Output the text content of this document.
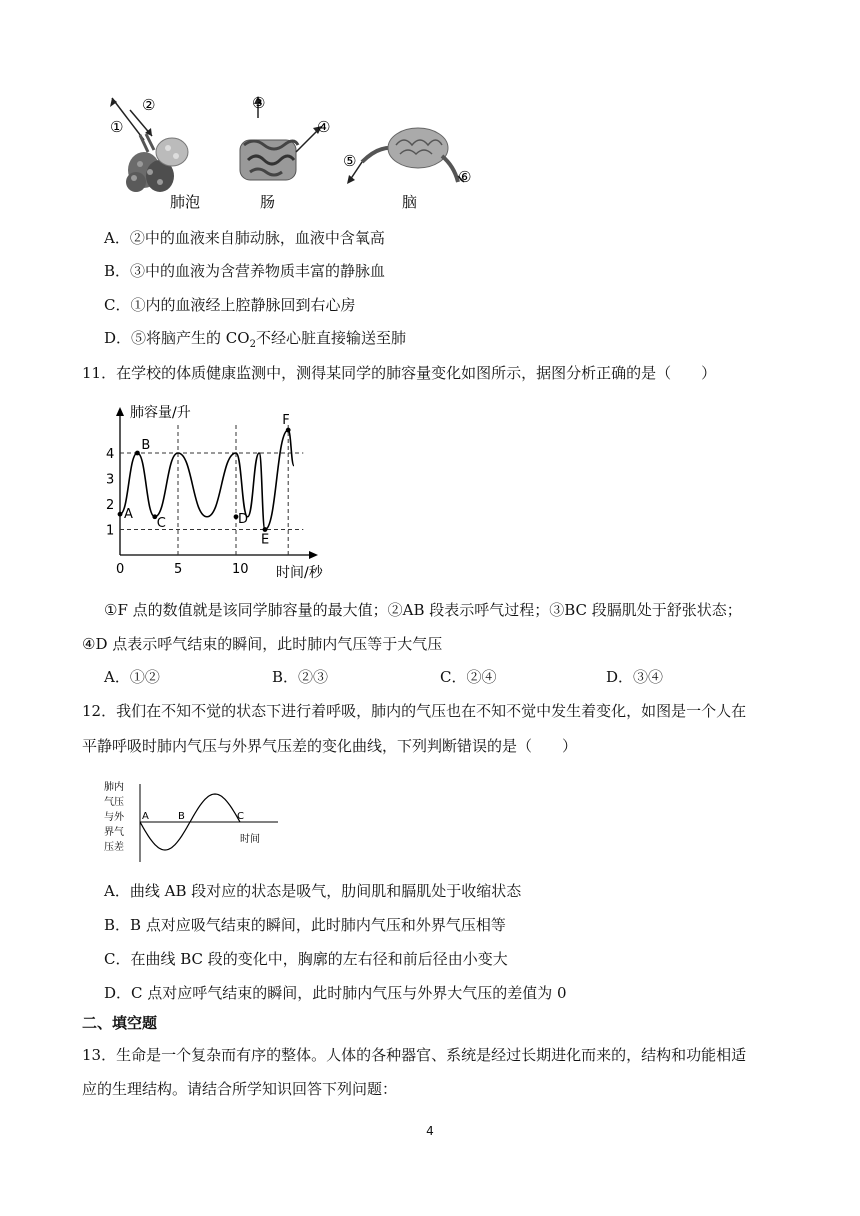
①
②
肺泡
③
④
肠
⑤
⑥
脑
A．②中的血液来自肺动脉，血液中含氧高
B．③中的血液为含营养物质丰富的静脉血
C．①内的血液经上腔静脉回到右心房
D．⑤将脑产生的 $CO_2$不经心脏直接输送至肺
11．在学校的体质健康监测中，测得某同学的肺容量变化如图所示，据图分析正确的是（　　）
1
2
3
4
0	5	10
A
B
C	D
E
F
肺容量/升
时间/秒
①F 点的数值就是该同学肺容量的最大值；②AB 段表示呼气过程；③BC 段膈肌处于舒张状态；
④D 点表示呼气结束的瞬间，此时肺内气压等于大气压
A．①②	B．②③	C．②④	D．③④
12．我们在不知不觉的状态下进行着呼吸，肺内的气压也在不知不觉中发生着变化，如图是一个人在
平静呼吸时肺内气压与外界气压差的变化曲线，下列判断错误的是（　　）
肺内
气压
与外
界气
压差
A	B	C
时间
A．曲线 AB 段对应的状态是吸气，肋间肌和膈肌处于收缩状态
B．B 点对应吸气结束的瞬间，此时肺内气压和外界气压相等
C．在曲线 BC 段的变化中，胸廓的左右径和前后径由小变大
D．C 点对应呼气结束的瞬间，此时肺内气压与外界大气压的差值为 0
二、填空题
13．生命是一个复杂而有序的整体。人体的各种器官、系统是经过长期进化而来的，结构和功能相适
应的生理结构。请结合所学知识回答下列问题：
4
